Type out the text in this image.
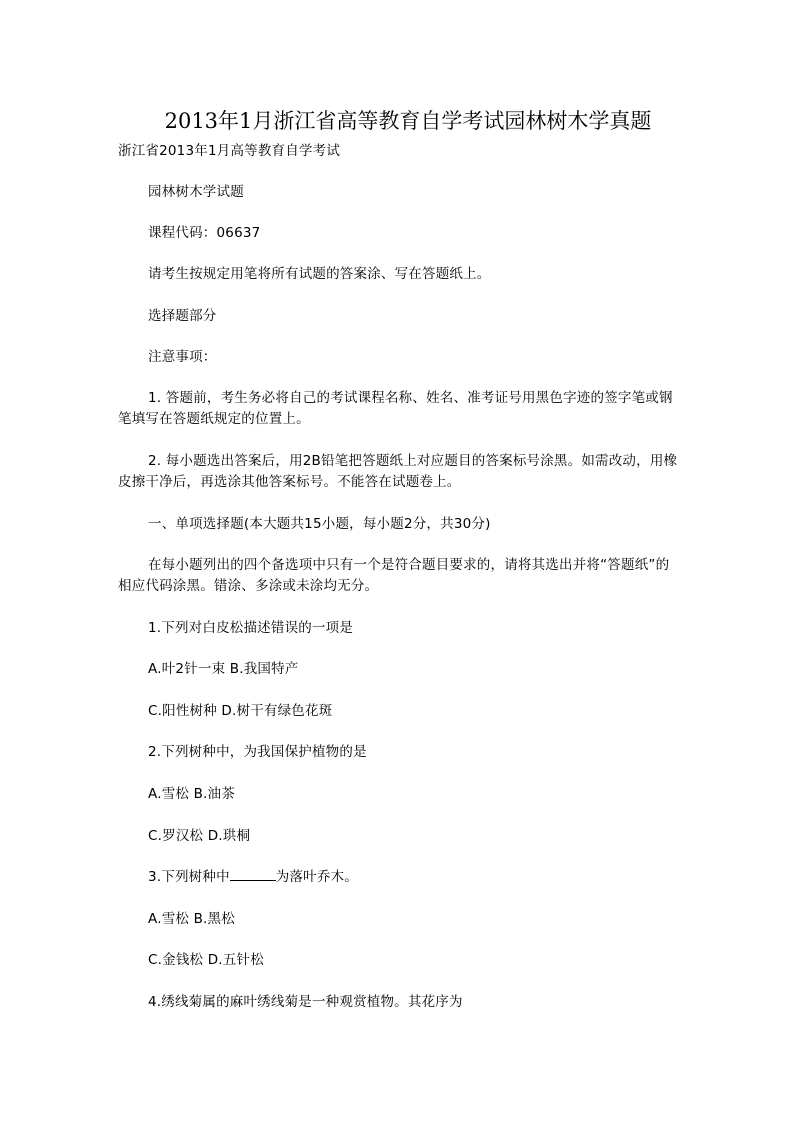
2013年1月浙江省高等教育自学考试园林树木学真题
浙江省2013年1月高等教育自学考试
园林树木学试题
课程代码：06637
请考生按规定用笔将所有试题的答案涂、写在答题纸上。
选择题部分
注意事项：
1. 答题前，考生务必将自己的考试课程名称、姓名、准考证号用黑色字迹的签字笔或钢笔填写在答题纸规定的位置上。
2. 每小题选出答案后，用2B铅笔把答题纸上对应题目的答案标号涂黑。如需改动，用橡皮擦干净后，再选涂其他答案标号。不能答在试题卷上。
一、单项选择题(本大题共15小题，每小题2分，共30分)
在每小题列出的四个备选项中只有一个是符合题目要求的，请将其选出并将“答题纸”的相应代码涂黑。错涂、多涂或未涂均无分。
1.下列对白皮松描述错误的一项是
A.叶2针一束 B.我国特产
C.阳性树种 D.树干有绿色花斑
2.下列树种中，为我国保护植物的是
A.雪松 B.油茶
C.罗汉松 D.珙桐
3.下列树种中	为落叶乔木。
A.雪松 B.黑松
C.金钱松 D.五针松
4.绣线菊属的麻叶绣线菊是一种观赏植物。其花序为
